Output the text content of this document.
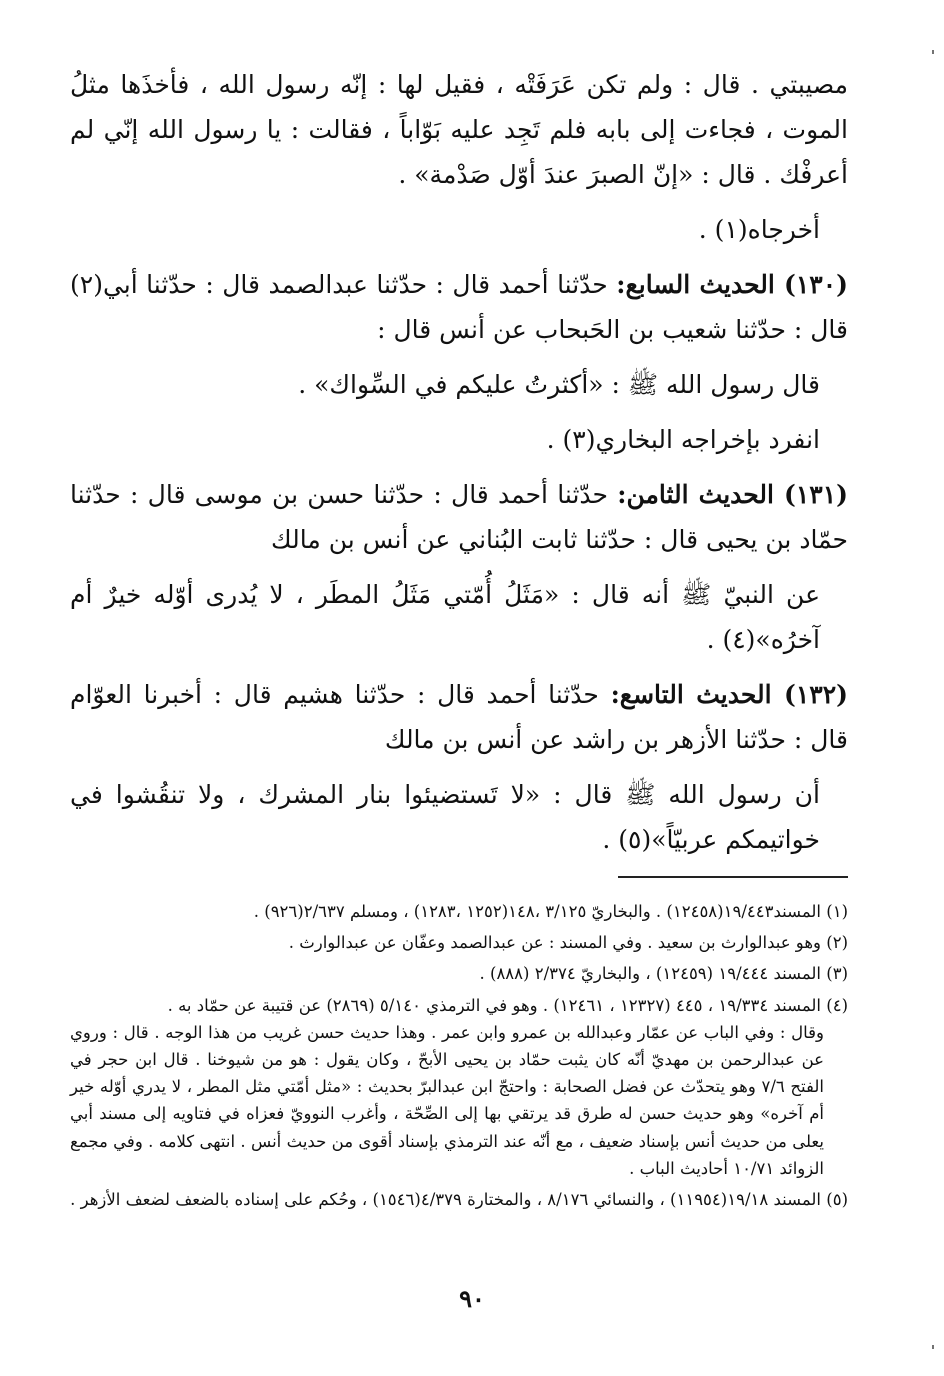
مصيبتي . قال : ولم تكن عَرَفَتْه ، فقيل لها : إنّه رسول الله ، فأخذَها مثلُ الموت ، فجاءت إلى بابه فلم تَجِد عليه بَوّاباً ، فقالت : يا رسول الله إنّي لم أعرفْك . قال : «إنّ الصبرَ عندَ أوّل صَدْمة» .

أخرجاه(١) .

(١٣٠) الحديث السابع: حدّثنا أحمد قال : حدّثنا عبدالصمد قال : حدّثنا أبي(٢) قال : حدّثنا شعيب بن الحَبحاب عن أنس قال :

قال رسول الله ﷺ : «أكثرتُ عليكم في السِّواك» .

انفرد بإخراجه البخاري(٣) .

(١٣١) الحديث الثامن: حدّثنا أحمد قال : حدّثنا حسن بن موسى قال : حدّثنا حمّاد بن يحيى قال : حدّثنا ثابت البُناني عن أنس بن مالك

عن النبيّ ﷺ أنه قال : «مَثَلُ أُمّتي مَثَلُ المطَر ، لا يُدرى أوّله خيرٌ أم آخرُه»(٤) .

(١٣٢) الحديث التاسع: حدّثنا أحمد قال : حدّثنا هشيم قال : أخبرنا العوّام قال : حدّثنا الأزهر بن راشد عن أنس بن مالك

أن رسول الله ﷺ قال : «لا تَستضيئوا بنار المشرك ، ولا تنقُشوا في خواتيمكم عربيّاً»(٥) .

(١) المسند١٩/٤٤٣(١٢٤٥٨) . والبخاريّ ٣/١٢٥ ،١٤٨(١٢٥٢ ،١٢٨٣) ، ومسلم ٢/٦٣٧(٩٢٦) .

(٢) وهو عبدالوارث بن سعيد . وفي المسند : عن عبدالصمد وعفّان عن عبدالوارث .

(٣) المسند ١٩/٤٤٤ (١٢٤٥٩) ، والبخاريّ ٢/٣٧٤ (٨٨٨) .

(٤) المسند ١٩/٣٣٤ ، ٤٤٥ (١٢٣٢٧ ، ١٢٤٦١) . وهو في الترمذي ٥/١٤٠ (٢٨٦٩) عن قتيبة عن حمّاد به .
وقال : وفي الباب عن عمّار وعبدالله بن عمرو وابن عمر . وهذا حديث حسن غريب من هذا الوجه . قال : وروي عن عبدالرحمن بن مهديّ أنّه كان يثبت حمّاد بن يحيى الأبحّ ، وكان يقول : هو من شيوخنا . قال ابن حجر في الفتح ٧/٦ وهو يتحدّث عن فضل الصحابة : واحتجّ ابن عبدالبرّ بحديث : «مثل أمّتي مثل المطر ، لا يدري أوّله خير أم آخره» وهو حديث حسن له طرق قد يرتقي بها إلى الصِّحّة ، وأغرب النوويّ فعزاه في فتاويه إلى مسند أبي يعلى من حديث أنس بإسناد ضعيف ، مع أنّه عند الترمذي بإسناد أقوى من حديث أنس . انتهى كلامه . وفي مجمع الزوائد ١٠/٧١ أحاديث الباب .

(٥) المسند ١٩/١٨(١١٩٥٤) ، والنسائي ٨/١٧٦ ، والمختارة ٤/٣٧٩(١٥٤٦) ، وحُكم على إسناده بالضعف لضعف الأزهر .

٩٠
